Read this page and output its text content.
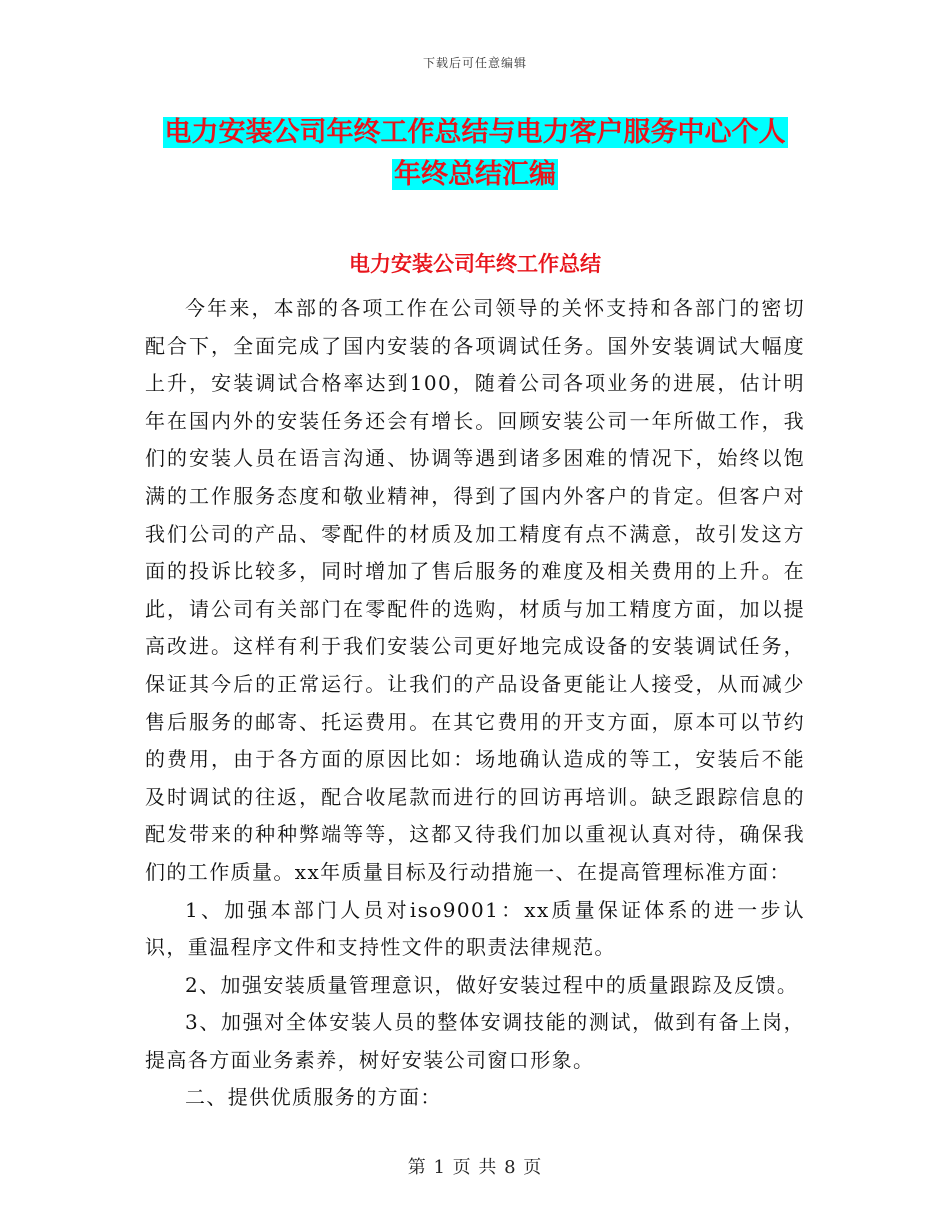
下载后可任意编辑
电力安装公司年终工作总结与电力客户服务中心个人
年终总结汇编
电力安装公司年终工作总结

今年来，本部的各项工作在公司领导的关怀支持和各部门的密切配合下，全面完成了国内安装的各项调试任务。国外安装调试大幅度上升，安装调试合格率达到100，随着公司各项业务的进展，估计明年在国内外的安装任务还会有增长。回顾安装公司一年所做工作，我们的安装人员在语言沟通、协调等遇到诸多困难的情况下，始终以饱满的工作服务态度和敬业精神，得到了国内外客户的肯定。但客户对我们公司的产品、零配件的材质及加工精度有点不满意，故引发这方面的投诉比较多，同时增加了售后服务的难度及相关费用的上升。在此，请公司有关部门在零配件的选购，材质与加工精度方面，加以提高改进。这样有利于我们安装公司更好地完成设备的安装调试任务，保证其今后的正常运行。让我们的产品设备更能让人接受，从而减少售后服务的邮寄、托运费用。在其它费用的开支方面，原本可以节约的费用，由于各方面的原因比如：场地确认造成的等工，安装后不能及时调试的往返，配合收尾款而进行的回访再培训。缺乏跟踪信息的配发带来的种种弊端等等，这都又待我们加以重视认真对待，确保我们的工作质量。xx年质量目标及行动措施一、在提高管理标准方面：

1、加强本部门人员对iso9001：xx质量保证体系的进一步认识，重温程序文件和支持性文件的职责法律规范。

2、加强安装质量管理意识，做好安装过程中的质量跟踪及反馈。

3、加强对全体安装人员的整体安调技能的测试，做到有备上岗，提高各方面业务素养，树好安装公司窗口形象。

二、提供优质服务的方面：

第 1 页 共 8 页
